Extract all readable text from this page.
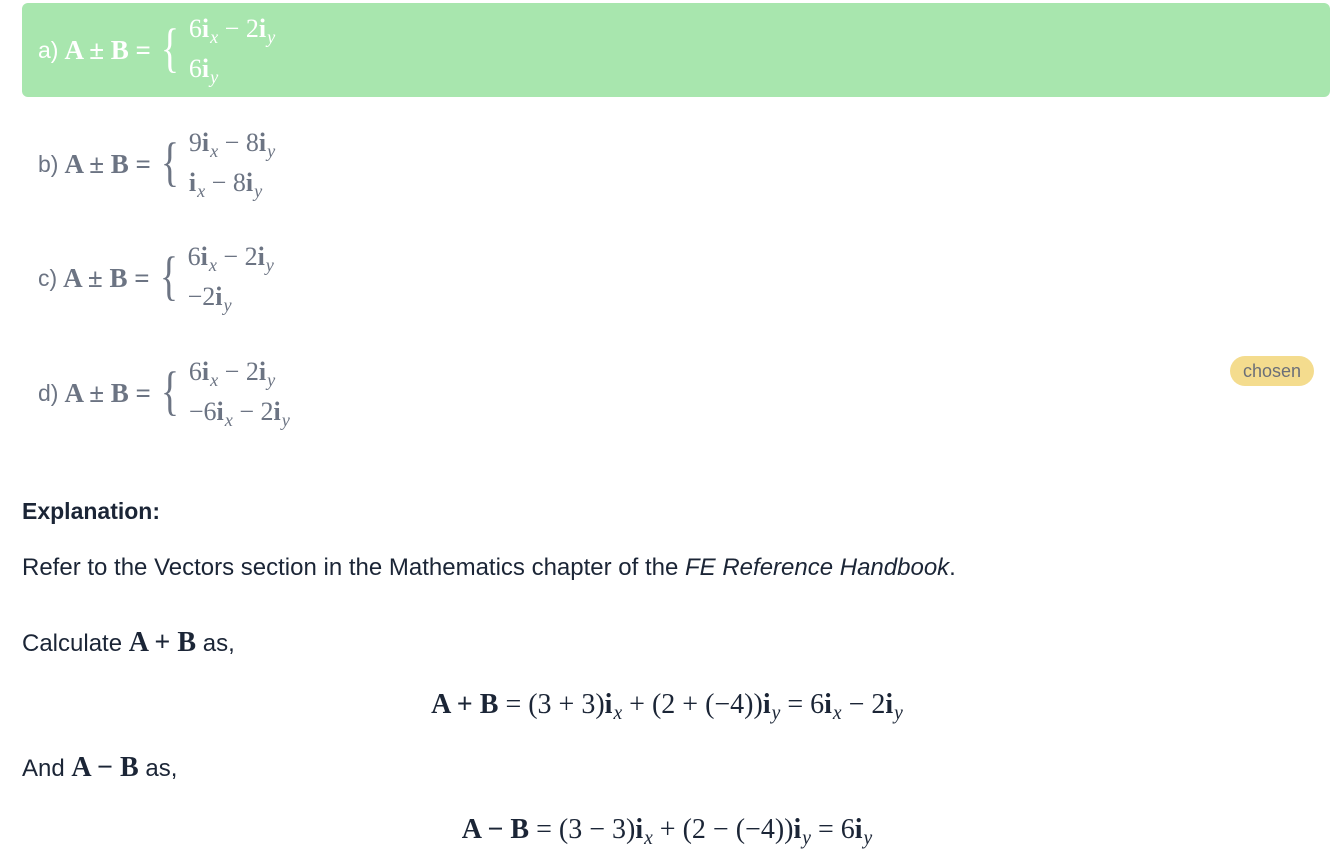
a) A ± B = { $6i_x - 2i_y$
$6i_y$
b) A ± B = { $9i_x - 8i_y$
$i_x - 8i_y$
c) A ± B = { $6i_x - 2i_y$
$-2i_y$
d) A ± B = { $6i_x - 2i_y$
$-6i_x - 2i_y$
chosen
Explanation:
Refer to the Vectors section in the Mathematics chapter of the FE Reference Handbook.
Calculate A + B as,
$A + B = (3 + 3)i_x + (2 + (-4))i_y = 6i_x - 2i_y$
And A − B as,
$A - B = (3 - 3)i_x + (2 - (-4))i_y = 6i_y$
